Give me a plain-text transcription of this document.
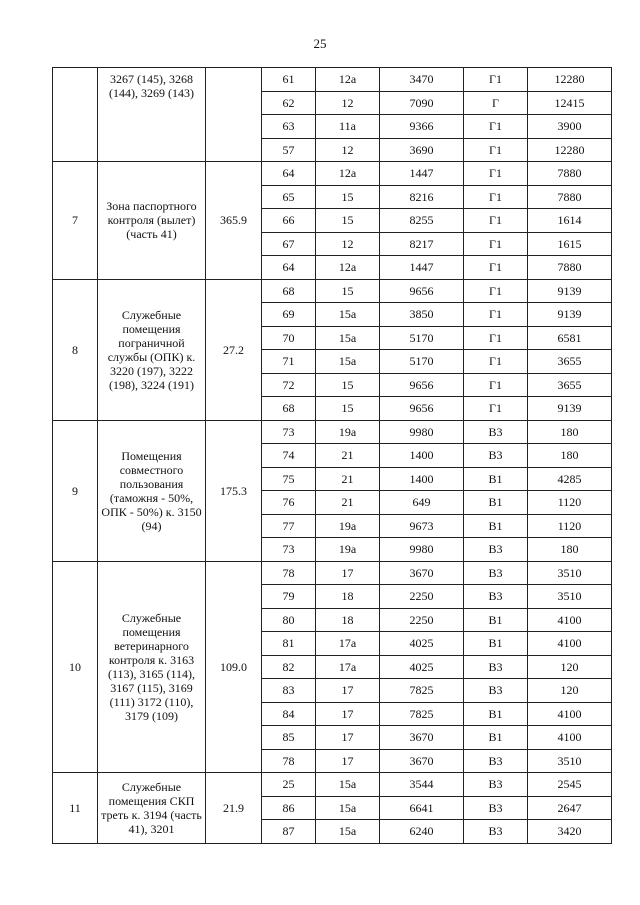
25
	3267 (145), 3268 (144), 3269 (143)		61	12а	3470	Г1	12280
			62	12	7090	Г	12415
			63	11а	9366	Г1	3900
			57	12	3690	Г1	12280
7	Зона паспортного контроля (вылет) (часть 41)	365.9	64	12а	1447	Г1	7880
			65	15	8216	Г1	7880
			66	15	8255	Г1	1614
			67	12	8217	Г1	1615
			64	12а	1447	Г1	7880
8	Служебные помещения пограничной службы (ОПК) к. 3220 (197), 3222 (198), 3224 (191)	27.2	68	15	9656	Г1	9139
			69	15а	3850	Г1	9139
			70	15а	5170	Г1	6581
			71	15а	5170	Г1	3655
			72	15	9656	Г1	3655
			68	15	9656	Г1	9139
9	Помещения совместного пользования (таможня - 50%, ОПК - 50%) к. 3150 (94)	175.3	73	19а	9980	В3	180
			74	21	1400	В3	180
			75	21	1400	В1	4285
			76	21	649	В1	1120
			77	19а	9673	В1	1120
			73	19а	9980	В3	180
10	Служебные помещения ветеринарного контроля к. 3163 (113), 3165 (114), 3167 (115), 3169 (111) 3172 (110), 3179 (109)	109.0	78	17	3670	В3	3510
			79	18	2250	В3	3510
			80	18	2250	В1	4100
			81	17а	4025	В1	4100
			82	17а	4025	В3	120
			83	17	7825	В3	120
			84	17	7825	В1	4100
			85	17	3670	В1	4100
			78	17	3670	В3	3510
11	Служебные помещения СКП треть к. 3194 (часть 41), 3201	21.9	25	15а	3544	В3	2545
			86	15а	6641	В3	2647
			87	15а	6240	В3	3420
